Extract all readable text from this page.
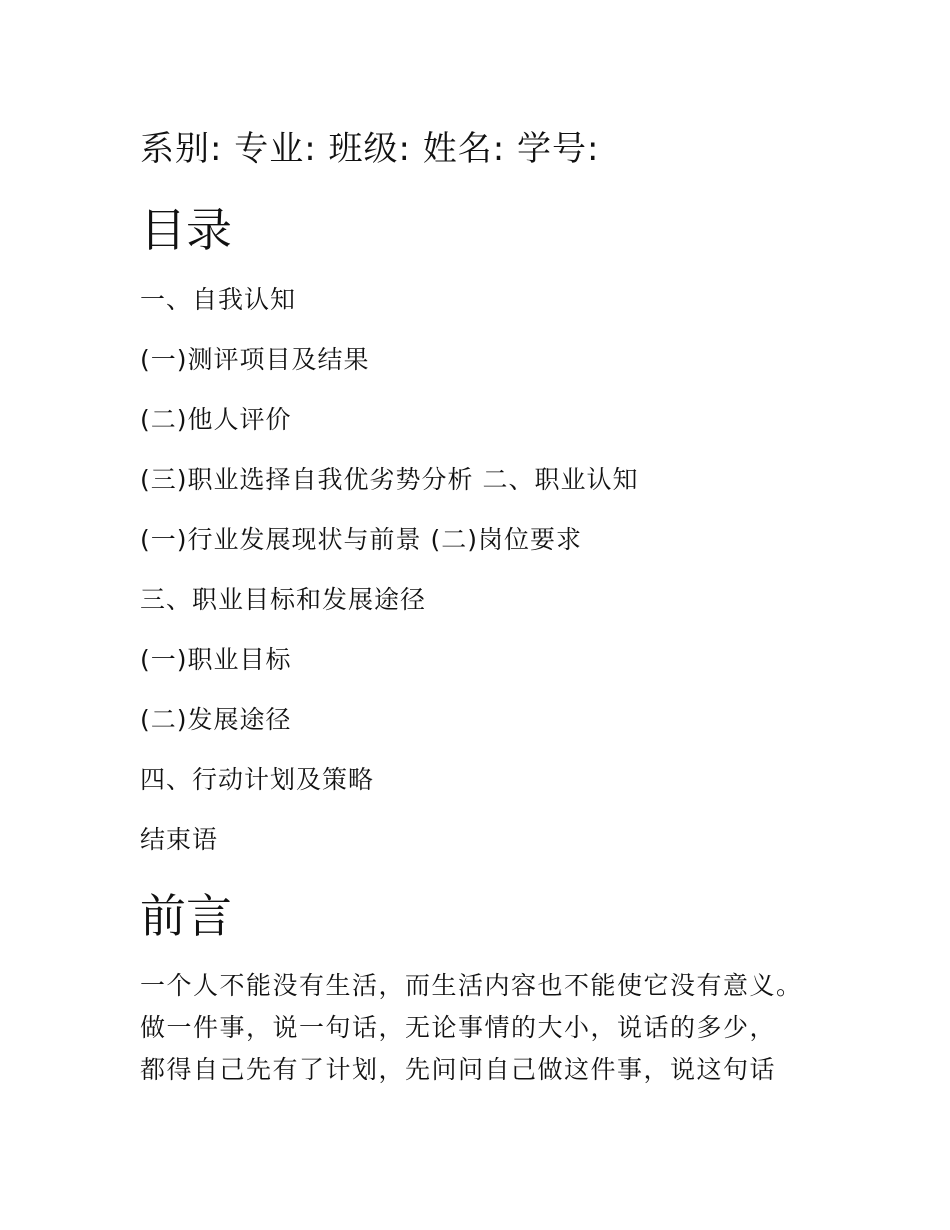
系别: 专业: 班级: 姓名: 学号:
目录
一、自我认知
(一)测评项目及结果
(二)他人评价
(三)职业选择自我优劣势分析 二、职业认知
(一)行业发展现状与前景 (二)岗位要求
三、职业目标和发展途径
(一)职业目标
(二)发展途径
四、行动计划及策略
结束语
前言
一个人不能没有生活，而生活内容也不能使它没有意义。
做一件事，说一句话，无论事情的大小，说话的多少，
都得自己先有了计划，先问问自己做这件事，说这句话
